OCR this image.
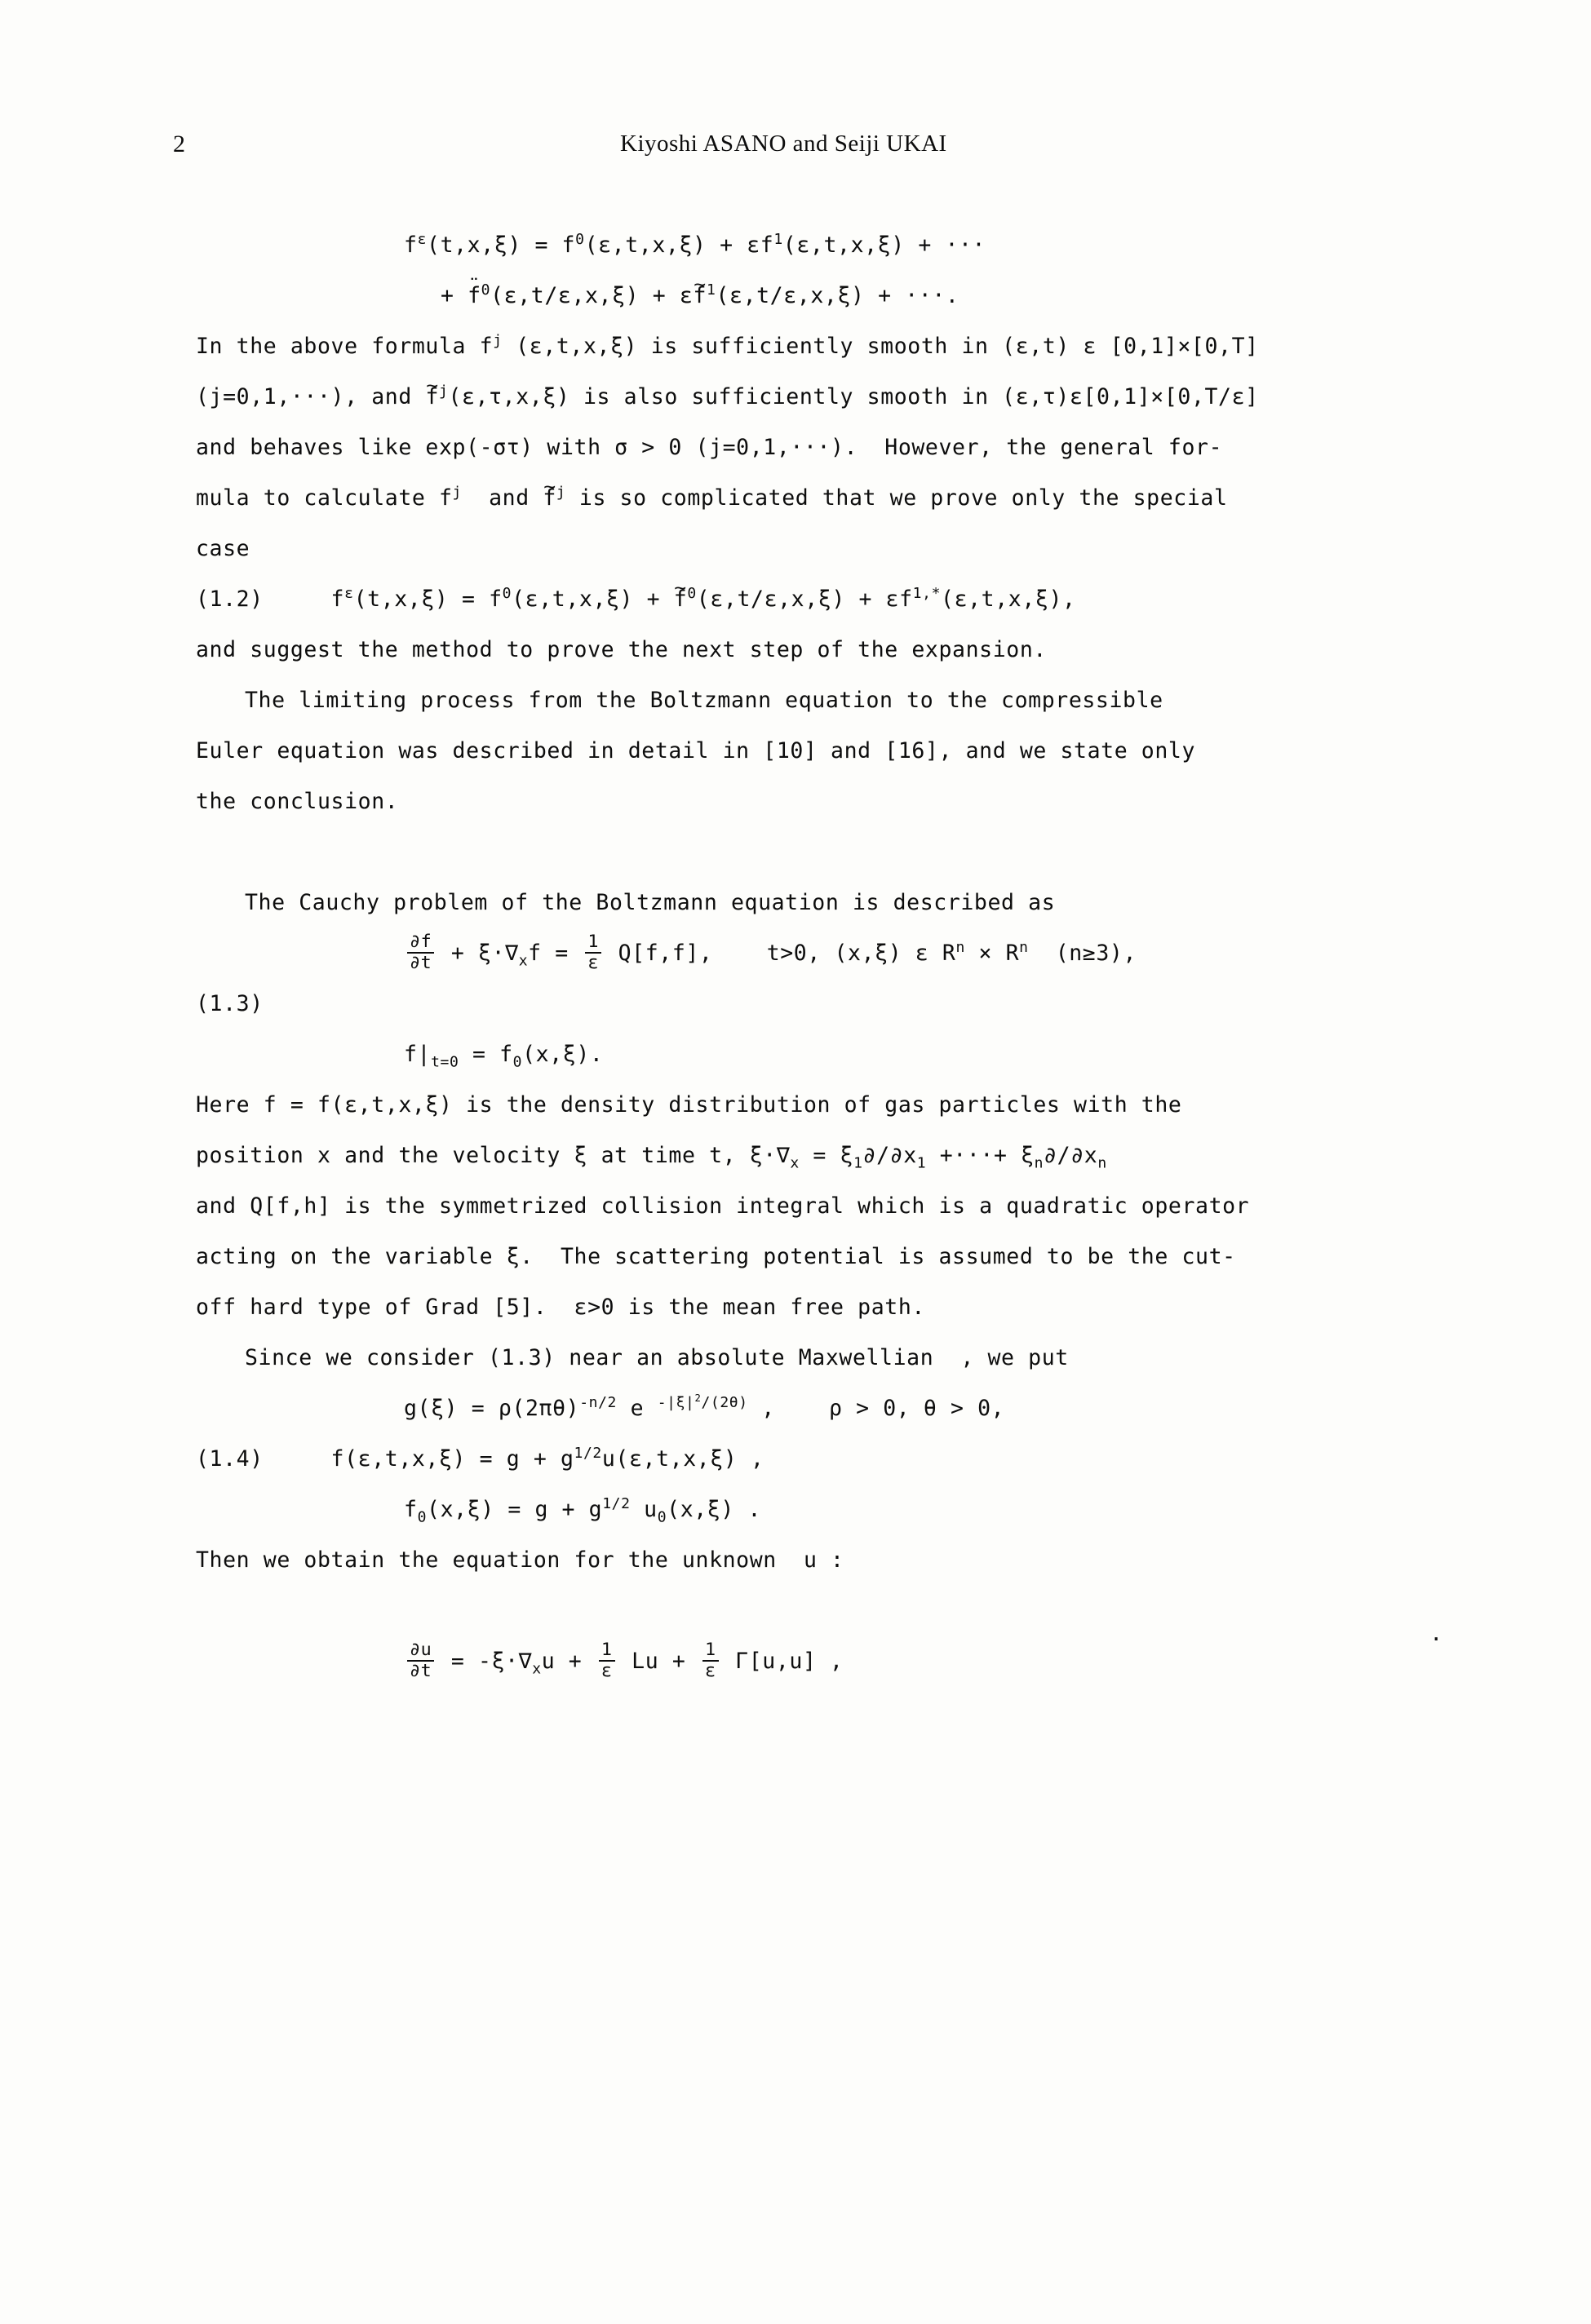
2	Kiyoshi ASANO and Seiji UKAI
$f^\varepsilon(t,x,\xi) = f^0(\varepsilon,t,x,\xi) + \varepsilon f^1(\varepsilon,t,x,\xi)$ + ···
+ ¨ $f^0(\varepsilon,t/\varepsilon,x,\xi)$ + ε~ $f^1(\varepsilon,t/\varepsilon,x,\xi)$ + ···.
In the above formula $f^j$ (ε,t,x,ξ) is sufficiently smooth in (ε,t) ε [0,1]×[0,T]
(j=0,1,···), and ~ $f^j(\varepsilon,\tau,x,\xi)$ is also sufficiently smooth in (ε,τ)ε[0,1]×[0,T/ε]
and behaves like exp(-στ) with σ > 0 (j=0,1,···).  However, the general for-
mula to calculate $f^j$  and ~ $f^j$ is so complicated that we prove only the special
case
(1.2)     $f^\varepsilon(t,x,\xi) = f^0(\varepsilon,t,x,\xi)$ + ~ $f^0(\varepsilon,t/\varepsilon,x,\xi) + \varepsilon f^{1,*}(\varepsilon,t,x,\xi)$,
and suggest the method to prove the next step of the expansion.
The limiting process from the Boltzmann equation to the compressible
Euler equation was described in detail in [10] and [16], and we state only
the conclusion.

The Cauchy problem of the Boltzmann equation is described as
$\frac{\partial f}{\partial t} + \xi\cdot\nabla_xf = \frac{1}{\varepsilon} Q[f,f]$,    t>0, (x,ξ) ε $R^n \times R^n$  (n≥3),
(1.3)
$f|_{t=0} = f_0(x,\xi)$.
Here f = f(ε,t,x,ξ) is the density distribution of gas particles with the
position x and the velocity ξ at time t, $\xi\cdot\nabla_x = \xi_1\partial/\partial x_1$ +···+ $\xi_n\partial/\partial x_n$
and Q[f,h] is the symmetrized collision integral which is a quadratic operator
acting on the variable ξ.  The scattering potential is assumed to be the cut-
off hard type of Grad [5].  ε>0 is the mean free path.
Since we consider (1.3) near an absolute Maxwellian  , we put
$g(\xi) = \rho(2\pi\theta)^{-n/2}$ e $^{-|\xi|^2/(2\theta)}$ ,    ρ > 0, θ > 0,
(1.4)     $f(\varepsilon,t,x,\xi) = g + g^{1/2}u(\varepsilon,t,x,\xi)$ ,
$f_0(x,\xi) = g + g^{1/2}$ $u_0(x,\xi)$ .
Then we obtain the equation for the unknown  u :

$\frac{\partial u}{\partial t} = -\xi\cdot\nabla_xu + \frac{1}{\varepsilon}$ $Lu + \frac{1}{\varepsilon} \Gamma[u,u]$ ,
.
